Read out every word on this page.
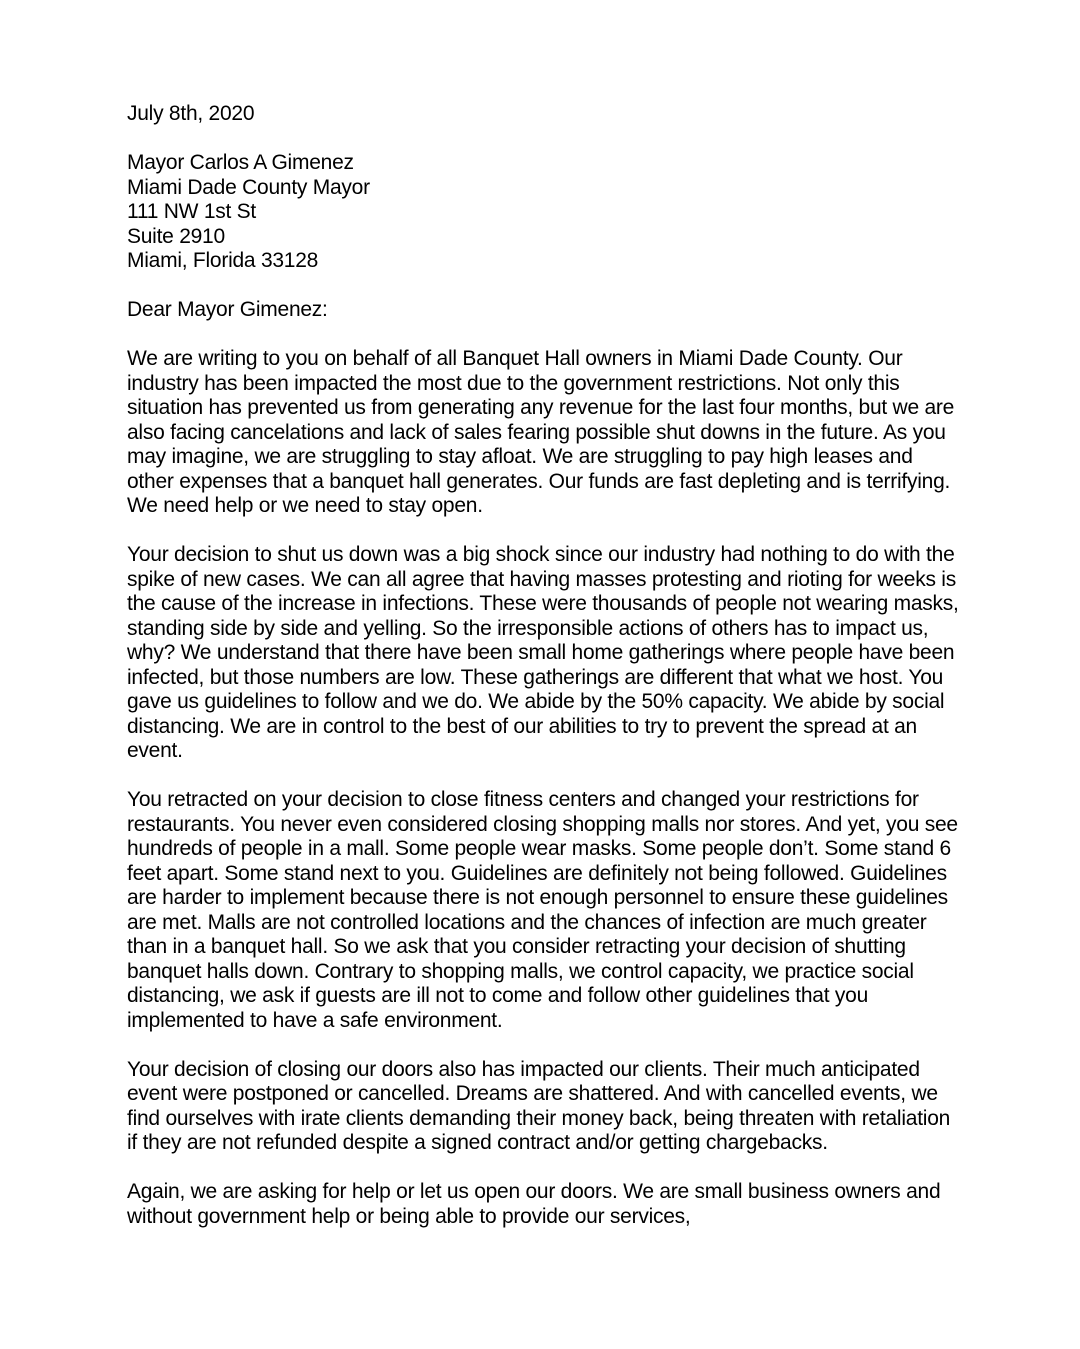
July 8th, 2020

Mayor Carlos A Gimenez

Miami Dade County Mayor

111 NW 1st St

Suite 2910

Miami, Florida 33128

Dear Mayor Gimenez:

We are writing to you on behalf of all Banquet Hall owners in Miami Dade County. Our industry has been impacted the most due to the government restrictions. Not only this situation has prevented us from generating any revenue for the last four months, but we are also facing cancelations and lack of sales fearing possible shut downs in the future. As you may imagine, we are struggling to stay afloat. We are struggling to pay high leases and other expenses that a banquet hall generates. Our funds are fast depleting and is terrifying. We need help or we need to stay open.

Your decision to shut us down was a big shock since our industry had nothing to do with the spike of new cases. We can all agree that having masses protesting and rioting for weeks is the cause of the increase in infections. These were thousands of people not wearing masks, standing side by side and yelling. So the irresponsible actions of others has to impact us, why? We understand that there have been small home gatherings where people have been infected, but those numbers are low. These gatherings are different that what we host. You gave us guidelines to follow and we do. We abide by the 50% capacity. We abide by social distancing. We are in control to the best of our abilities to try to prevent the spread at an event.

You retracted on your decision to close fitness centers and changed your restrictions for restaurants. You never even considered closing shopping malls nor stores. And yet, you see hundreds of people in a mall. Some people wear masks. Some people don’t. Some stand 6 feet apart. Some stand next to you. Guidelines are definitely not being followed. Guidelines are harder to implement because there is not enough personnel to ensure these guidelines are met. Malls are not controlled locations and the chances of infection are much greater than in a banquet hall. So we ask that you consider retracting your decision of shutting banquet halls down. Contrary to shopping malls, we control capacity, we practice social distancing, we ask if guests are ill not to come and follow other guidelines that you implemented to have a safe environment.

Your decision of closing our doors also has impacted our clients. Their much anticipated event were postponed or cancelled. Dreams are shattered. And with cancelled events, we find ourselves with irate clients demanding their money back, being threaten with retaliation if they are not refunded despite a signed contract and/or getting chargebacks.

Again, we are asking for help or let us open our doors. We are small business owners and without government help or being able to provide our services,
